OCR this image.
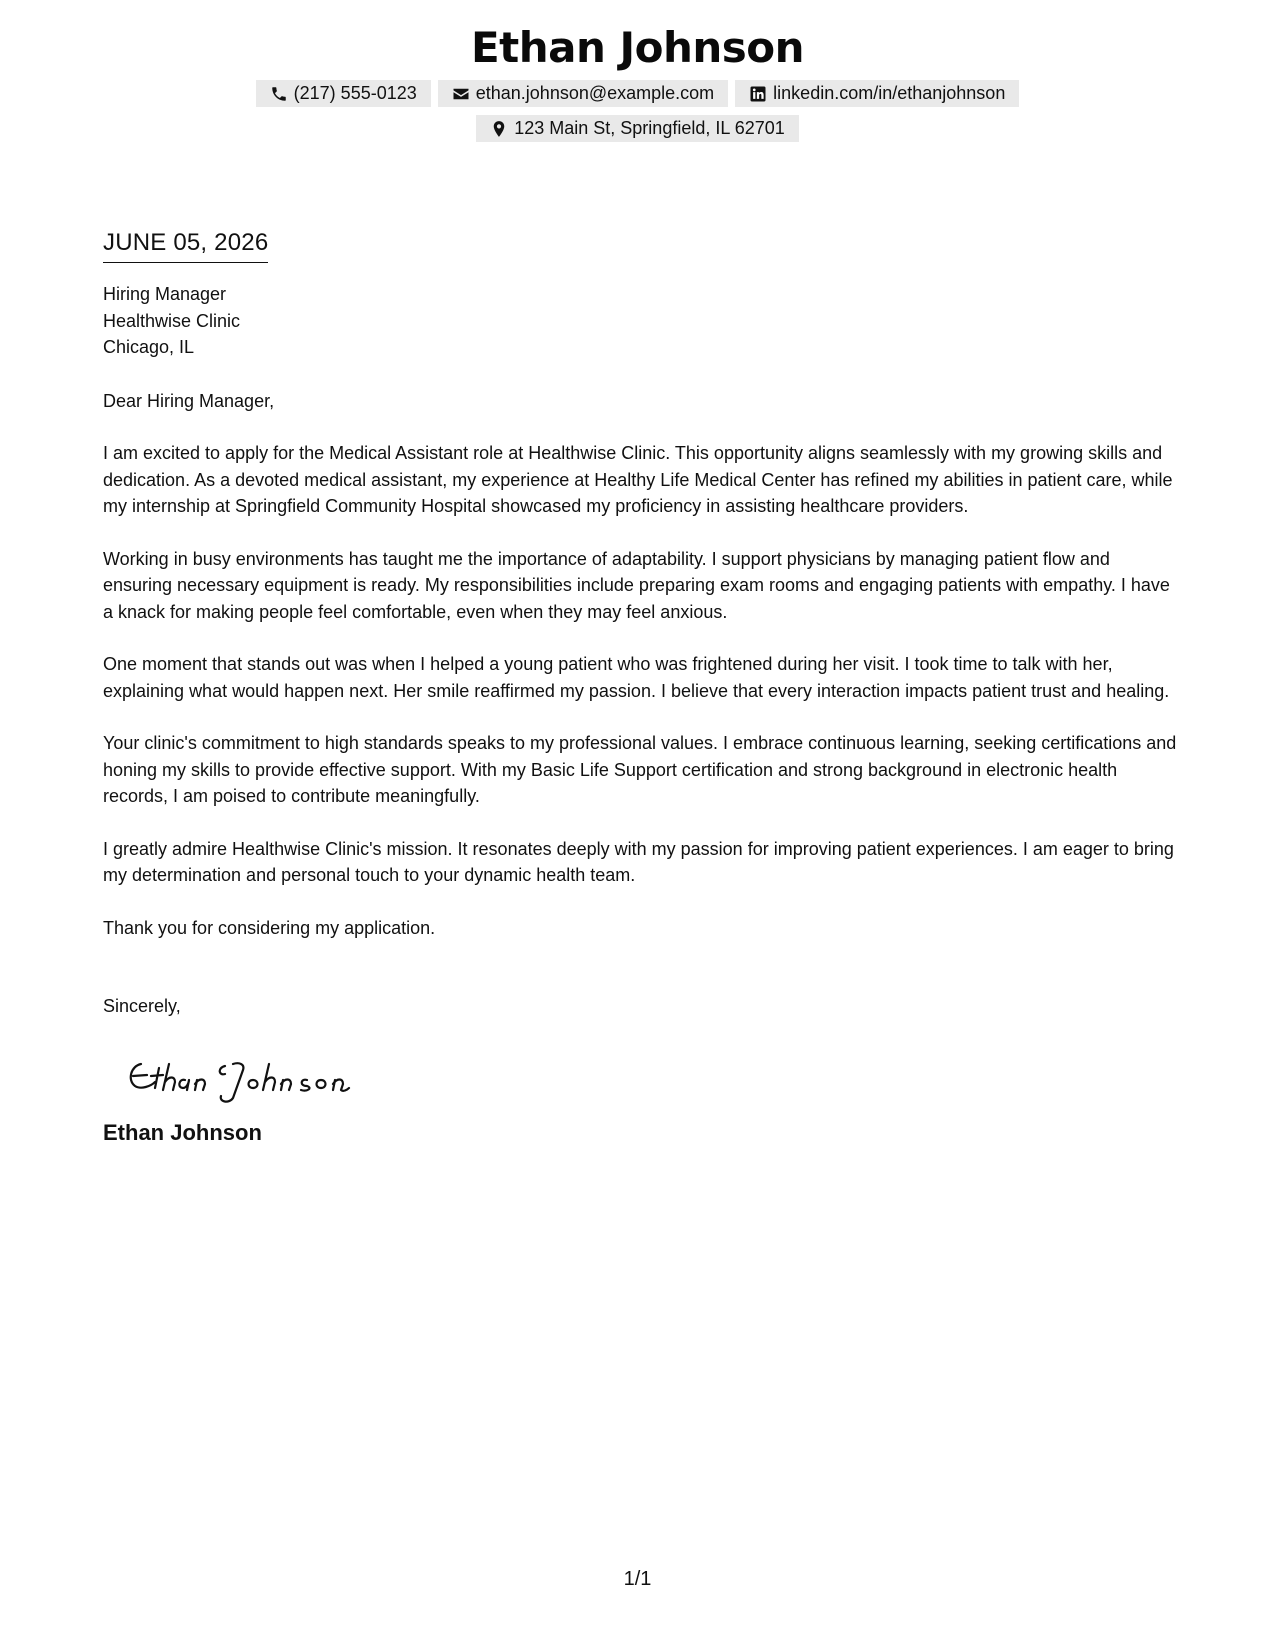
Ethan Johnson
(217) 555-0123	ethan.johnson@example.com	linkedin.com/in/ethanjohnson
123 Main St, Springfield, IL 62701
JUNE 05, 2026
Hiring Manager
Healthwise Clinic
Chicago, IL
Dear Hiring Manager,

I am excited to apply for the Medical Assistant role at Healthwise Clinic. This opportunity aligns seamlessly with my growing skills and dedication. As a devoted medical assistant, my experience at Healthy Life Medical Center has refined my abilities in patient care, while my internship at Springfield Community Hospital showcased my proficiency in assisting healthcare providers.

Working in busy environments has taught me the importance of adaptability. I support physicians by managing patient flow and ensuring necessary equipment is ready. My responsibilities include preparing exam rooms and engaging patients with empathy. I have a knack for making people feel comfortable, even when they may feel anxious.

One moment that stands out was when I helped a young patient who was frightened during her visit. I took time to talk with her, explaining what would happen next. Her smile reaffirmed my passion. I believe that every interaction impacts patient trust and healing.

Your clinic's commitment to high standards speaks to my professional values. I embrace continuous learning, seeking certifications and honing my skills to provide effective support. With my Basic Life Support certification and strong background in electronic health records, I am poised to contribute meaningfully.

I greatly admire Healthwise Clinic's mission. It resonates deeply with my passion for improving patient experiences. I am eager to bring my determination and personal touch to your dynamic health team.

Thank you for considering my application.

Sincerely,
Ethan Johnson
1/1
